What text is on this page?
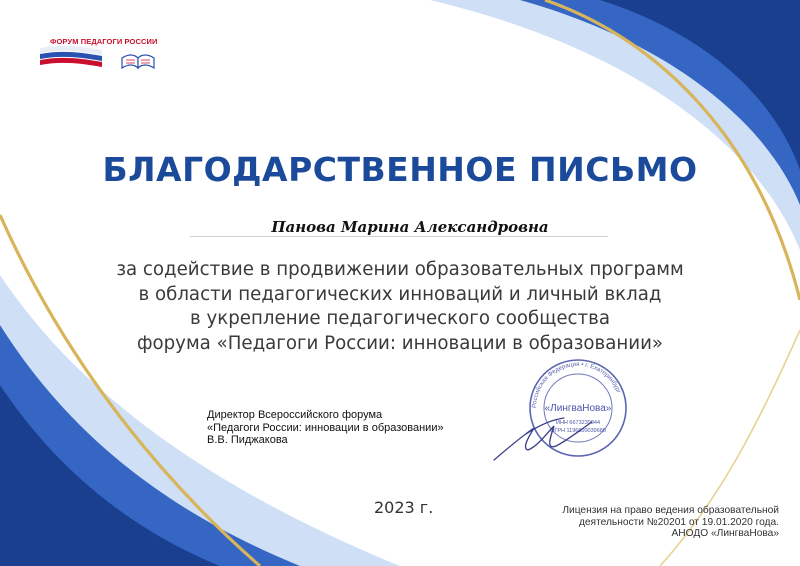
ФОРУМ ПЕДАГОГИ РОССИИ
БЛАГОДАРСТВЕННОЕ ПИСЬМО
Панова Марина Александровна
за содействие в продвижении образовательных программ
в области педагогических инноваций и личный вклад
в укрепление педагогического сообщества
форума «Педагоги России: инновации в образовании»
Директор Всероссийского форума
«Педагоги России: инновации в образовании»
В.В. Пиджакова
Российская Федерация • г. Екатеринбург
«ЛингваНова»
ИНН 6673239044
ОГРН 1196600039680
2023 г.	Лицензия на право ведения образовательной
деятельности №20201 от 19.01.2020 года.
АНОДО «ЛингваНова»
